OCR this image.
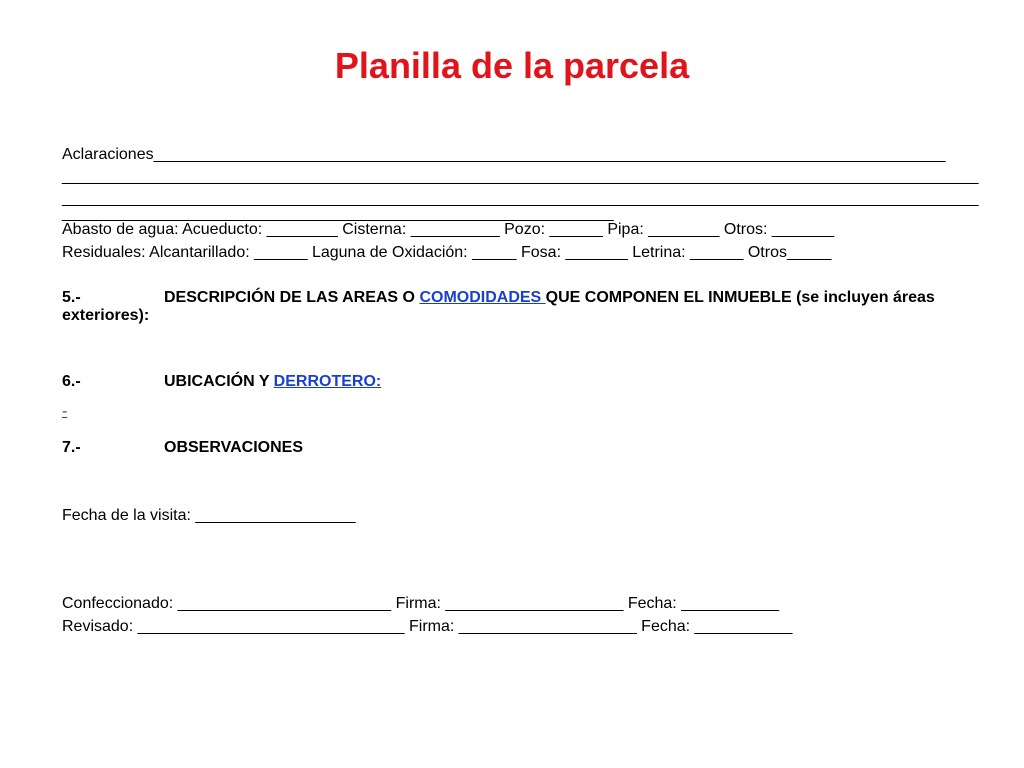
Planilla de la parcela
Aclaraciones_________________________________________________________________________________________
_______________________________________________________________________________________________________
_______________________________________________________________________________________________________
______________________________________________________________
Abasto de agua: Acueducto: ________ Cisterna: __________ Pozo: ______ Pipa: ________ Otros: _______
Residuales: Alcantarillado: ______ Laguna de Oxidación: _____ Fosa: _______ Letrina: ______ Otros_____
5.-	DESCRIPCIÓN DE LAS AREAS O COMODIDADES QUE COMPONEN EL INMUEBLE (se incluyen áreas
exteriores):
6.-	UBICACIÓN Y DERROTERO:
-
7.-	OBSERVACIONES
Fecha de la visita: __________________
Confeccionado: ________________________ Firma: ____________________ Fecha: ___________
Revisado: ______________________________ Firma: ____________________ Fecha: ___________
